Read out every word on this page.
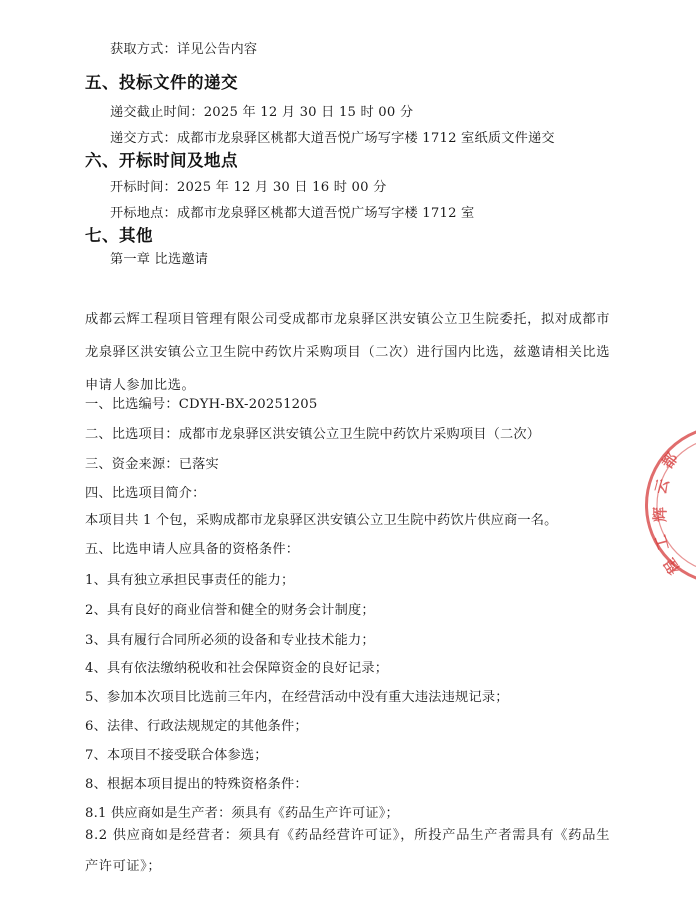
获取方式：详见公告内容
五、投标文件的递交
递交截止时间：2025 年 12 月 30 日 15 时 00 分
递交方式：成都市龙泉驿区桃都大道吾悦广场写字楼 1712 室纸质文件递交
六、开标时间及地点
开标时间：2025 年 12 月 30 日 16 时 00 分
开标地点：成都市龙泉驿区桃都大道吾悦广场写字楼 1712 室
七、其他
第一章 比选邀请
成都云辉工程项目管理有限公司受成都市龙泉驿区洪安镇公立卫生院委托，拟对成都市龙泉驿区洪安镇公立卫生院中药饮片采购项目（二次）进行国内比选，兹邀请相关比选申请人参加比选。
一、比选编号：CDYH-BX-20251205
二、比选项目：成都市龙泉驿区洪安镇公立卫生院中药饮片采购项目（二次）
三、资金来源：已落实
四、比选项目简介：
本项目共 1 个包，采购成都市龙泉驿区洪安镇公立卫生院中药饮片供应商一名。
五、比选申请人应具备的资格条件：
1、具有独立承担民事责任的能力；
2、具有良好的商业信誉和健全的财务会计制度；
3、具有履行合同所必须的设备和专业技术能力；
4、具有依法缴纳税收和社会保障资金的良好记录；
5、参加本次项目比选前三年内，在经营活动中没有重大违法违规记录；
6、法律、行政法规规定的其他条件；
7、本项目不接受联合体参选；
8、根据本项目提出的特殊资格条件：
8.1 供应商如是生产者：须具有《药品生产许可证》；
8.2 供应商如是经营者：须具有《药品经营许可证》，所投产品生产者需具有《药品生产许可证》；
都
云
辉
工
程
